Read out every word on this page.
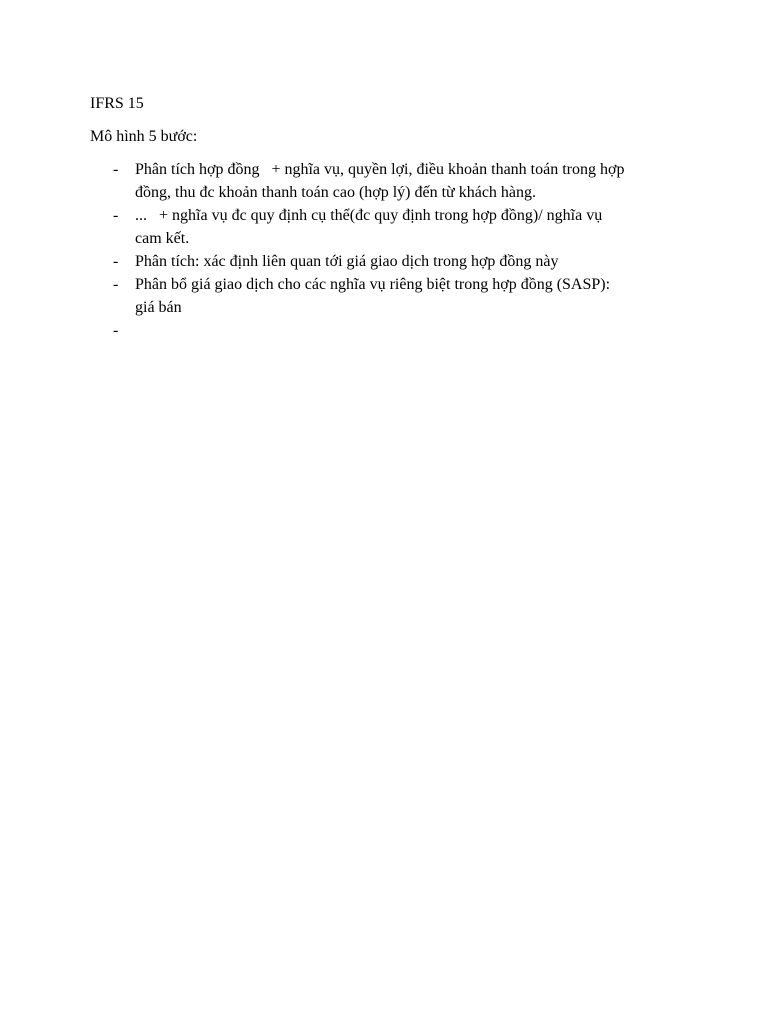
IFRS 15
Mô hình 5 bước:
- Phân tích hợp đồng   + nghĩa vụ, quyền lợi, điều khoản thanh toán trong hợp
đồng, thu đc khoản thanh toán cao (hợp lý) đến từ khách hàng.
- ...   + nghĩa vụ đc quy định cụ thể(đc quy định trong hợp đồng)/ nghĩa vụ
cam kết.
- Phân tích: xác định liên quan tới giá giao dịch trong hợp đồng này
- Phân bổ giá giao dịch cho các nghĩa vụ riêng biệt trong hợp đồng (SASP):
giá bán
-
